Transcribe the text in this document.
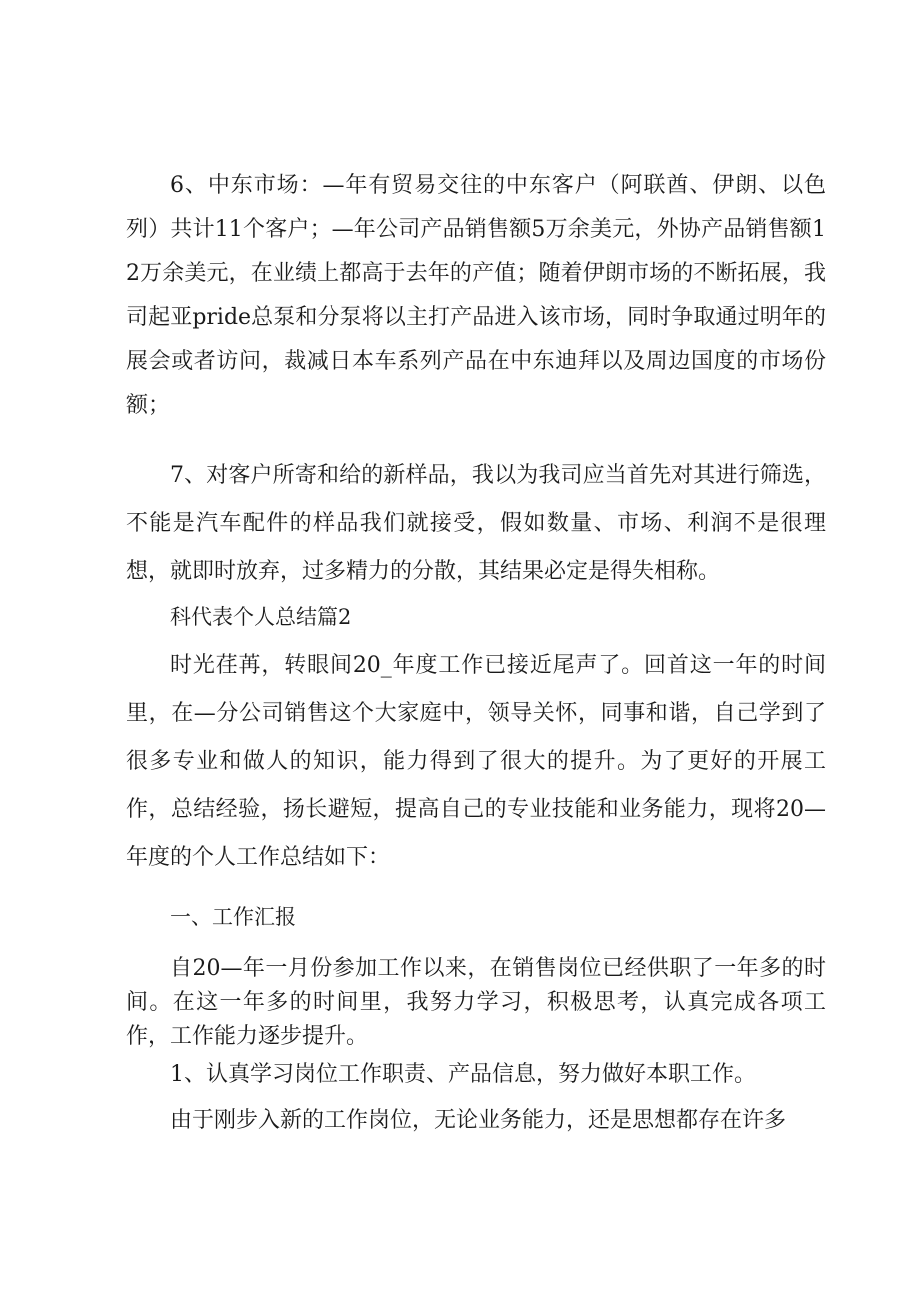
6、中东市场：—年有贸易交往的中东客户（阿联酋、伊朗、以色列）共计11个客户；—年公司产品销售额5万余美元，外协产品销售额12万余美元，在业绩上都高于去年的产值；随着伊朗市场的不断拓展，我司起亚pride总泵和分泵将以主打产品进入该市场，同时争取通过明年的展会或者访问，裁减日本车系列产品在中东迪拜以及周边国度的市场份额；

7、对客户所寄和给的新样品，我以为我司应当首先对其进行筛选，不能是汽车配件的样品我们就接受，假如数量、市场、利润不是很理想，就即时放弃，过多精力的分散，其结果必定是得失相称。

科代表个人总结篇2

时光荏苒，转眼间20_年度工作已接近尾声了。回首这一年的时间里，在—分公司销售这个大家庭中，领导关怀，同事和谐，自己学到了很多专业和做人的知识，能力得到了很大的提升。为了更好的开展工作，总结经验，扬长避短，提高自己的专业技能和业务能力，现将20—年度的个人工作总结如下：

一、工作汇报

自20—年一月份参加工作以来，在销售岗位已经供职了一年多的时间。在这一年多的时间里，我努力学习，积极思考，认真完成各项工作，工作能力逐步提升。

1、认真学习岗位工作职责、产品信息，努力做好本职工作。

由于刚步入新的工作岗位，无论业务能力，还是思想都存在许多
